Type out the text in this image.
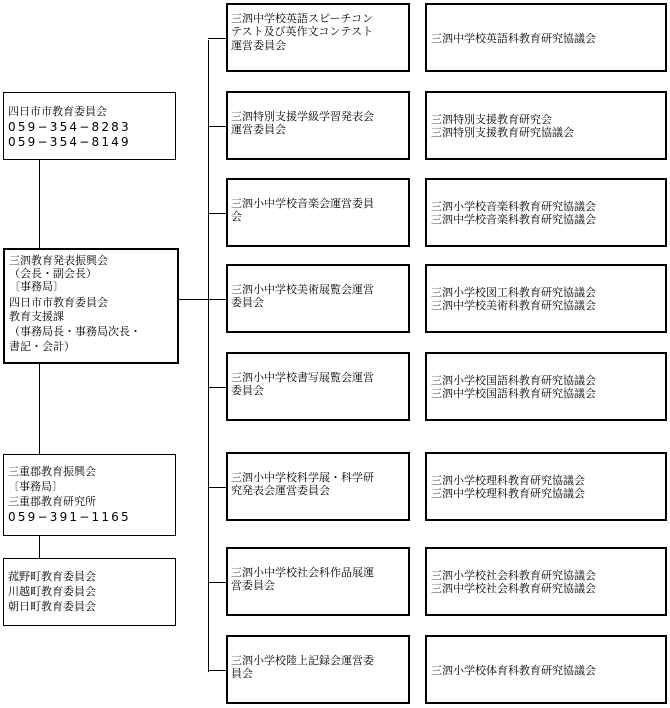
四日市市教育委員会
059−354−8283
059−354−8149
三泗教育発表振興会
（会長・副会長）
〔事務局〕
四日市市教育委員会
教育支援課
（事務局長・事務局次長・
書記・会計）
三重郡教育振興会
〔事務局〕
三重郡教育研究所
059−391−1165
菰野町教育委員会
川越町教育委員会
朝日町教育委員会
三泗中学校英語スピーチコン
テスト及び英作文コンテスト
運営委員会
三泗中学校英語科教育研究協議会
三泗特別支援学級学習発表会
運営委員会
三泗特別支援教育研究会
三泗特別支援教育研究協議会
三泗小中学校音楽会運営委員
会
三泗小学校音楽科教育研究協議会
三泗中学校音楽科教育研究協議会
三泗小中学校美術展覧会運営
委員会
三泗小学校図工科教育研究協議会
三泗中学校美術科教育研究協議会
三泗小中学校書写展覧会運営
委員会
三泗小学校国語科教育研究協議会
三泗中学校国語科教育研究協議会
三泗小中学校科学展・科学研
究発表会運営委員会
三泗小学校理科教育研究協議会
三泗中学校理科教育研究協議会
三泗小中学校社会科作品展運
営委員会
三泗小学校社会科教育研究協議会
三泗中学校社会科教育研究協議会
三泗小学校陸上記録会運営委
員会	三泗小学校体育科教育研究協議会
